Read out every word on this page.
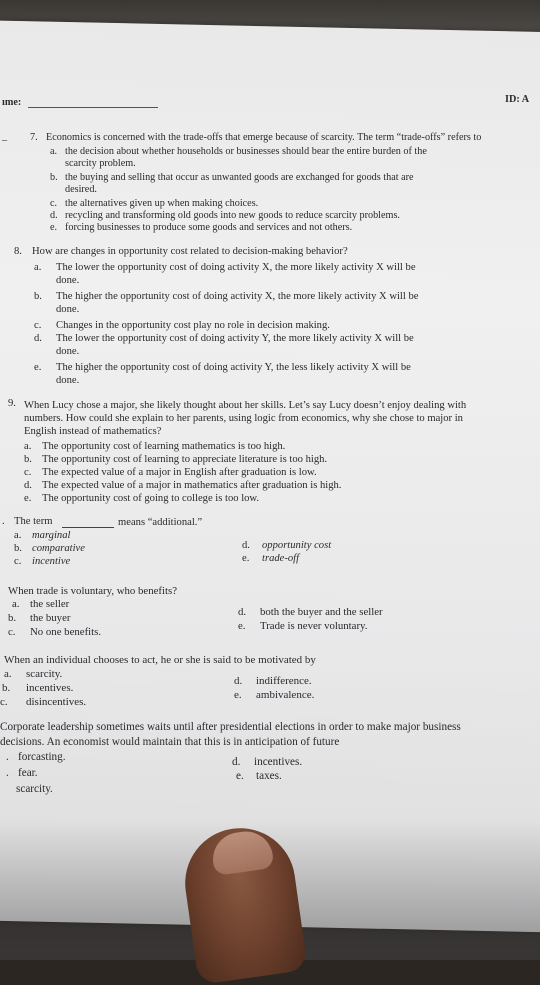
ıme:	ID: A
– 7. Economics is concerned with the trade-offs that emerge because of scarcity. The term “trade-offs” refers to
a. the decision about whether households or businesses should bear the entire burden of the
scarcity problem.
b. the buying and selling that occur as unwanted goods are exchanged for goods that are
desired.
c. the alternatives given up when making choices.
d. recycling and transforming old goods into new goods to reduce scarcity problems.
e. forcing businesses to produce some goods and services and not others.
8. How are changes in opportunity cost related to decision-making behavior?
a. The lower the opportunity cost of doing activity X, the more likely activity X will be
done.
b. The higher the opportunity cost of doing activity X, the more likely activity X will be
done.
c. Changes in the opportunity cost play no role in decision making.
d. The lower the opportunity cost of doing activity Y, the more likely activity X will be
done.
e. The higher the opportunity cost of doing activity Y, the less likely activity X will be
done.
9. When Lucy chose a major, she likely thought about her skills. Let’s say Lucy doesn’t enjoy dealing with
numbers. How could she explain to her parents, using logic from economics, why she chose to major in
English instead of mathematics?
a. The opportunity cost of learning mathematics is too high.
b. The opportunity cost of learning to appreciate literature is too high.
c. The expected value of a major in English after graduation is low.
d. The expected value of a major in mathematics after graduation is high.
e. The opportunity cost of going to college is too low.
. The term	means “additional.”
a. marginal
b. comparative
c. incentive
d. opportunity cost
e. trade-off
When trade is voluntary, who benefits?
a. the seller
b. the buyer
c. No one benefits.
d. both the buyer and the seller
e. Trade is never voluntary.
When an individual chooses to act, he or she is said to be motivated by
a. scarcity.
b. incentives.
c. disincentives.
d. indifference.
e. ambivalence.
Corporate leadership sometimes waits until after presidential elections in order to make major business
decisions. An economist would maintain that this is in anticipation of future
. forcasting.
. fear.
scarcity.
d. incentives.
e. taxes.
